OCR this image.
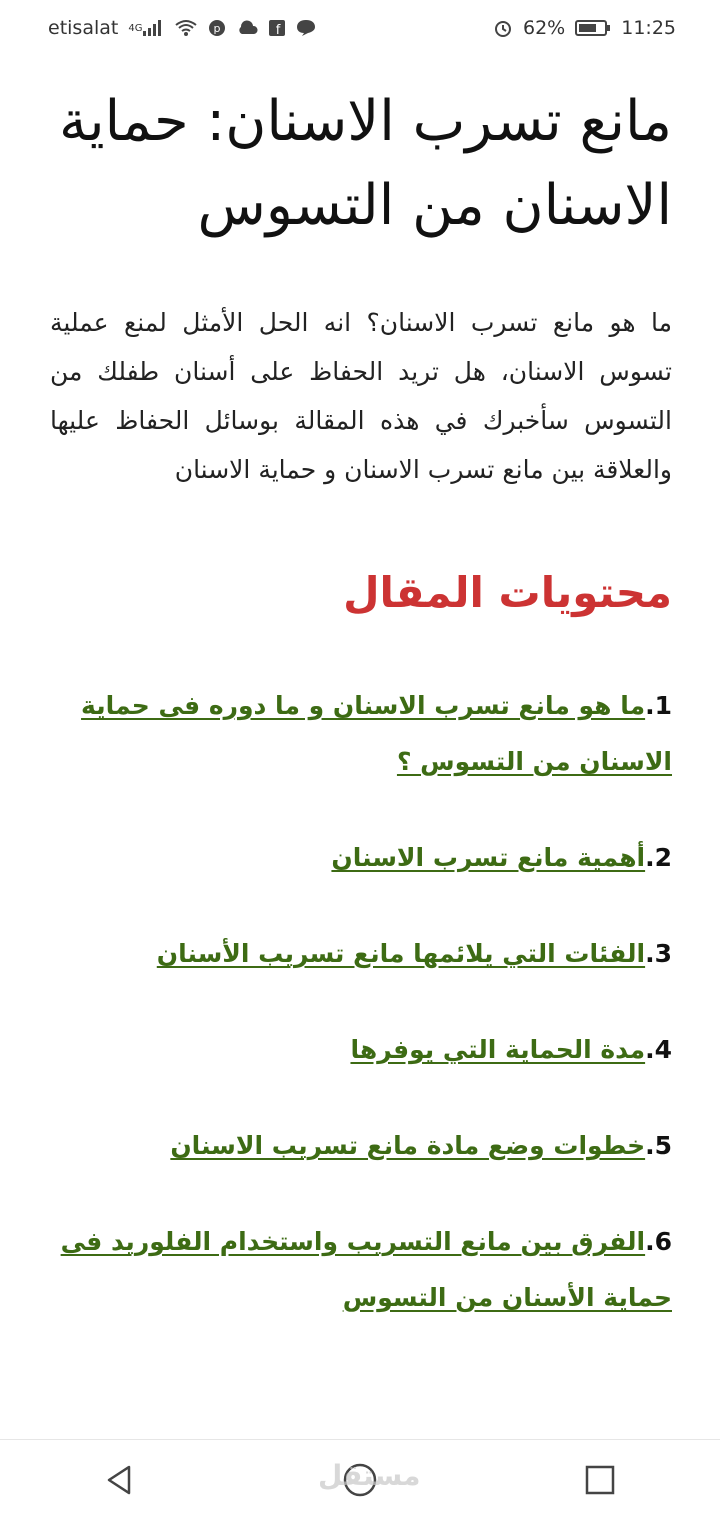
etisalat 4G	p	f	62%	11:25
مانع تسرب الاسنان: حماية الاسنان من التسوس

ما هو مانع تسرب الاسنان؟ انه الحل الأمثل لمنع عملية تسوس الاسنان، هل تريد الحفاظ على أسنان طفلك من التسوس سأخبرك في هذه المقالة بوسائل الحفاظ عليها والعلاقة بين مانع تسرب الاسنان و حماية الاسنان

محتويات المقال
1.ما هو مانع تسرب الاسنان و ما دوره فى حماية الاسنان من التسوس ؟
2.أهمية مانع تسرب الاسنان
3.الفئات التي يلائمها مانع تسريب الأسنان
4.مدة الحماية التي يوفرها
5.خطوات وضع مادة مانع تسريب الاسنان
6.الفرق بين مانع التسريب واستخدام الفلوريد فى حماية الأسنان من التسوس
مستقل
